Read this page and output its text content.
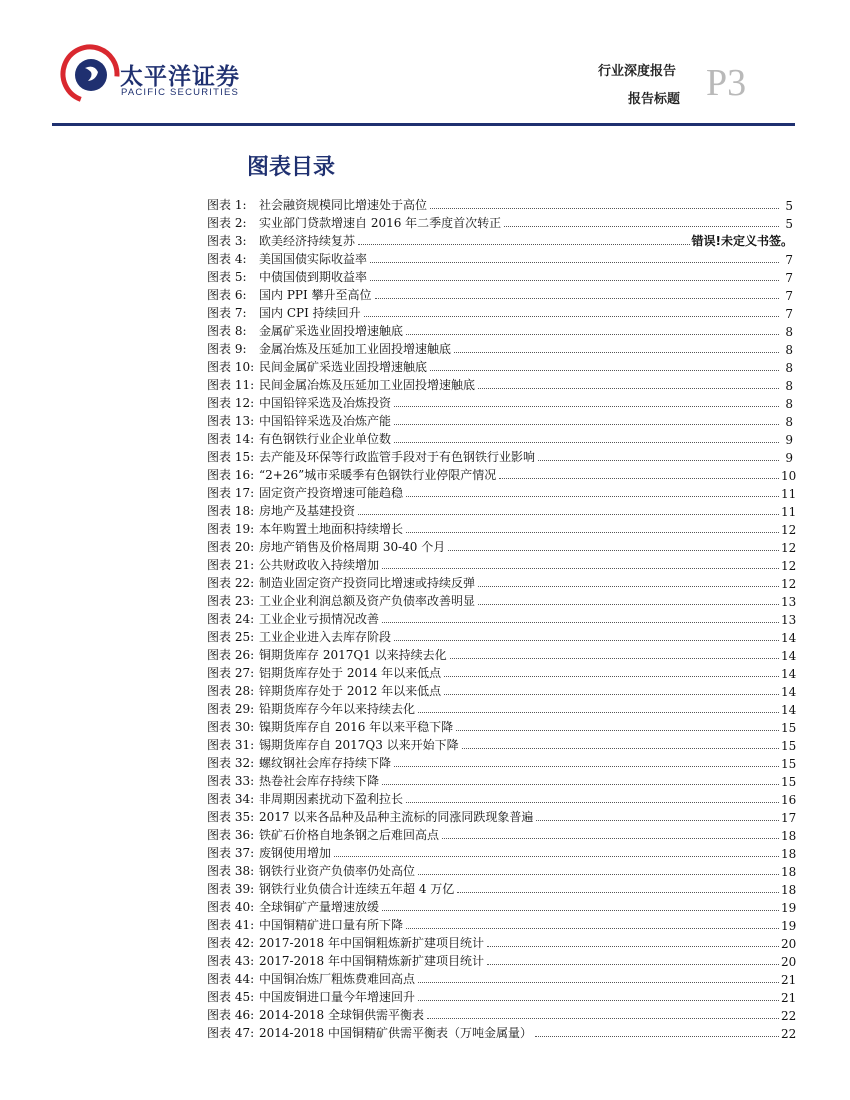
太平洋证券
PACIFIC SECURITIES
行业深度报告
报告标题 P3
图表目录
图表 1:	社会融资规模同比增速处于高位	5
图表 2:	实业部门贷款增速自 2016 年二季度首次转正	5
图表 3:	欧美经济持续复苏	错误!未定义书签。
图表 4:	美国国债实际收益率	7
图表 5:	中债国债到期收益率	7
图表 6:	国内 PPI 攀升至高位	7
图表 7:	国内 CPI 持续回升	7
图表 8:	金属矿采选业固投增速触底	8
图表 9:	金属冶炼及压延加工业固投增速触底	8
图表 10: 民间金属矿采选业固投增速触底	8
图表 11: 民间金属冶炼及压延加工业固投增速触底	8
图表 12: 中国铅锌采选及冶炼投资	8
图表 13: 中国铅锌采选及冶炼产能	8
图表 14: 有色钢铁行业企业单位数	9
图表 15: 去产能及环保等行政监管手段对于有色钢铁行业影响	9
图表 16: “2+26”城市采暖季有色钢铁行业停限产情况	10
图表 17: 固定资产投资增速可能趋稳	11
图表 18: 房地产及基建投资	11
图表 19: 本年购置土地面积持续增长	12
图表 20: 房地产销售及价格周期 30-40 个月	12
图表 21: 公共财政收入持续增加	12
图表 22: 制造业固定资产投资同比增速或持续反弹	12
图表 23: 工业企业利润总额及资产负债率改善明显	13
图表 24: 工业企业亏损情况改善	13
图表 25: 工业企业进入去库存阶段	14
图表 26: 铜期货库存 2017Q1 以来持续去化	14
图表 27: 铝期货库存处于 2014 年以来低点	14
图表 28: 锌期货库存处于 2012 年以来低点	14
图表 29: 铅期货库存今年以来持续去化	14
图表 30: 镍期货库存自 2016 年以来平稳下降	15
图表 31: 锡期货库存自 2017Q3 以来开始下降	15
图表 32: 螺纹钢社会库存持续下降	15
图表 33: 热卷社会库存持续下降	15
图表 34: 非周期因素扰动下盈利拉长	16
图表 35: 2017 以来各品种及品种主流标的同涨同跌现象普遍	17
图表 36: 铁矿石价格自地条钢之后难回高点	18
图表 37: 废钢使用增加	18
图表 38: 钢铁行业资产负债率仍处高位	18
图表 39: 钢铁行业负债合计连续五年超 4 万亿	18
图表 40: 全球铜矿产量增速放缓	19
图表 41: 中国铜精矿进口量有所下降	19
图表 42: 2017-2018 年中国铜粗炼新扩建项目统计	20
图表 43: 2017-2018 年中国铜精炼新扩建项目统计	20
图表 44: 中国铜冶炼厂粗炼费难回高点	21
图表 45: 中国废铜进口量今年增速回升	21
图表 46: 2014-2018 全球铜供需平衡表	22
图表 47: 2014-2018 中国铜精矿供需平衡表（万吨金属量）	22
